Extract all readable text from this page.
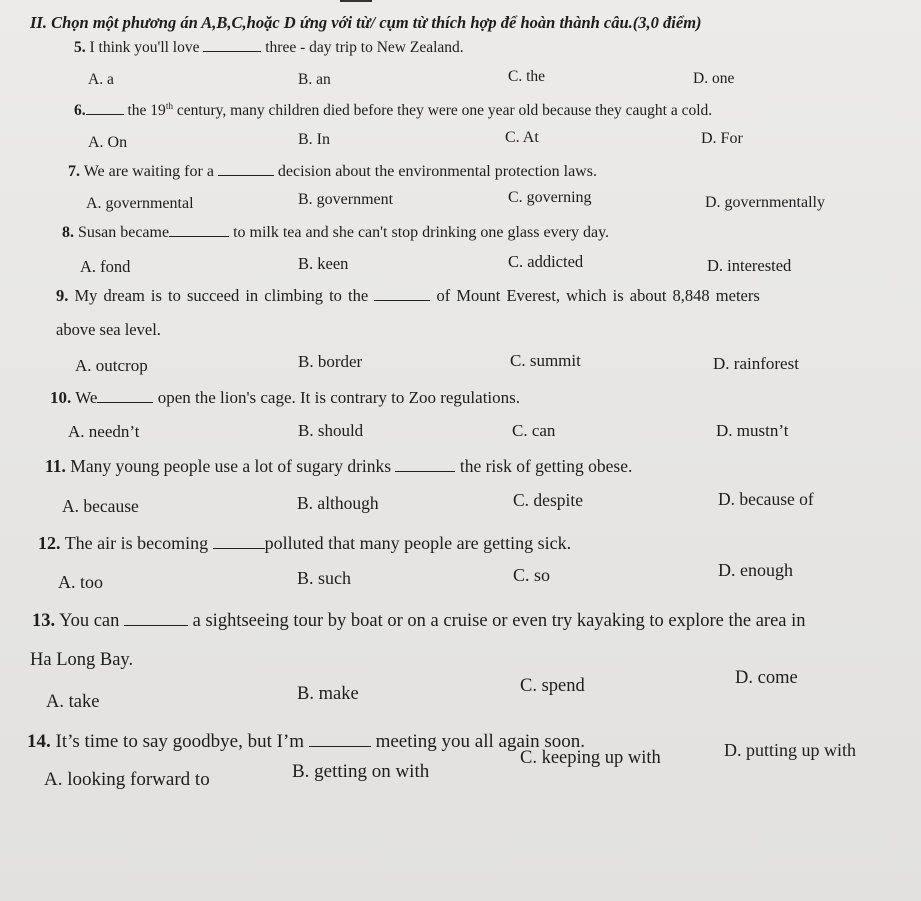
II. Chọn một phương án A,B,C,hoặc D ứng với từ/ cụm từ thích hợp để hoàn thành câu.(3,0 điểm)
5. I think you'll love	three - day trip to New Zealand.
A. a	B. an	C. the	D. one
6.	the 19th century, many children died before they were one year old because they caught a cold.
A. On	B. In	C. At	D. For
7. We are waiting for a	decision about the environmental protection laws.
A. governmental	B. government	C. governing	D. governmentally
8. Susan became	to milk tea and she can't stop drinking one glass every day.
A. fond	B. keen	C. addicted	D. interested
9. My dream is to succeed in climbing to the	of Mount Everest, which is about 8,848 meters
above sea level.
A. outcrop	B. border	C. summit	D. rainforest
10. We	open the lion's cage. It is contrary to Zoo regulations.
A. needn’t	B. should	C. can	D. mustn’t
11. Many young people use a lot of sugary drinks	the risk of getting obese.
A. because	B. although	C. despite	D. because of
12. The air is becoming	polluted that many people are getting sick.
A. too	B. such	C. so	D. enough
13. You can	a sightseeing tour by boat or on a cruise or even try kayaking to explore the area in
Ha Long Bay.
A. take	B. make	C. spend	D. come
14. It’s time to say goodbye, but I’m	meeting you all again soon.
A. looking forward to	B. getting on with
C. keeping up with	D. putting up with
